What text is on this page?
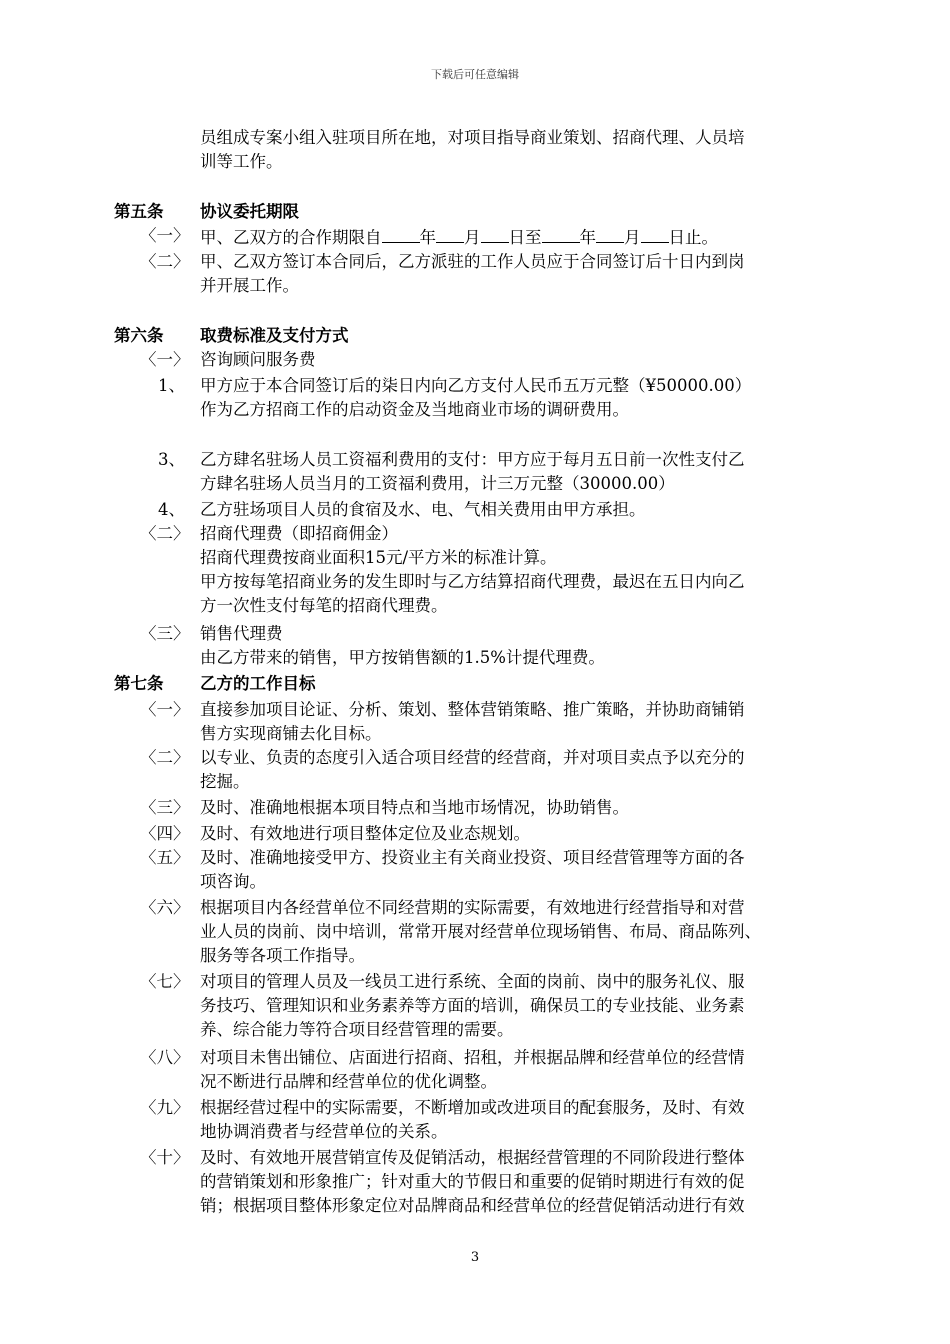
下载后可任意编辑
员组成专案小组入驻项目所在地，对项目指导商业策划、招商代理、人员培
训等工作。
第五条 协议委托期限
〈一〉 甲、乙双方的合作期限自 年 月 日至 年 月 日止。
〈二〉 甲、乙双方签订本合同后，乙方派驻的工作人员应于合同签订后十日内到岗
并开展工作。
第六条 取费标准及支付方式
〈一〉 咨询顾问服务费
1、 甲方应于本合同签订后的柒日内向乙方支付人民币五万元整（¥50000.00）
作为乙方招商工作的启动资金及当地商业市场的调研费用。
3、 乙方肆名驻场人员工资福利费用的支付：甲方应于每月五日前一次性支付乙
方肆名驻场人员当月的工资福利费用，计三万元整（30000.00）
4、 乙方驻场项目人员的食宿及水、电、气相关费用由甲方承担。
〈二〉 招商代理费（即招商佣金）
招商代理费按商业面积15元/平方米的标准计算。
甲方按每笔招商业务的发生即时与乙方结算招商代理费，最迟在五日内向乙
方一次性支付每笔的招商代理费。
〈三〉 销售代理费
由乙方带来的销售，甲方按销售额的1.5%计提代理费。
第七条 乙方的工作目标
〈一〉 直接参加项目论证、分析、策划、整体营销策略、推广策略，并协助商铺销
售方实现商铺去化目标。
〈二〉 以专业、负责的态度引入适合项目经营的经营商，并对项目卖点予以充分的
挖掘。
〈三〉 及时、准确地根据本项目特点和当地市场情况，协助销售。
〈四〉 及时、有效地进行项目整体定位及业态规划。
〈五〉 及时、准确地接受甲方、投资业主有关商业投资、项目经营管理等方面的各
项咨询。
〈六〉 根据项目内各经营单位不同经营期的实际需要，有效地进行经营指导和对营
业人员的岗前、岗中培训，常常开展对经营单位现场销售、布局、商品陈列、
服务等各项工作指导。
〈七〉 对项目的管理人员及一线员工进行系统、全面的岗前、岗中的服务礼仪、服
务技巧、管理知识和业务素养等方面的培训，确保员工的专业技能、业务素
养、综合能力等符合项目经营管理的需要。
〈八〉 对项目未售出铺位、店面进行招商、招租，并根据品牌和经营单位的经营情
况不断进行品牌和经营单位的优化调整。
〈九〉 根据经营过程中的实际需要，不断增加或改进项目的配套服务，及时、有效
地协调消费者与经营单位的关系。
〈十〉 及时、有效地开展营销宣传及促销活动，根据经营管理的不同阶段进行整体
的营销策划和形象推广；针对重大的节假日和重要的促销时期进行有效的促
销；根据项目整体形象定位对品牌商品和经营单位的经营促销活动进行有效
3
